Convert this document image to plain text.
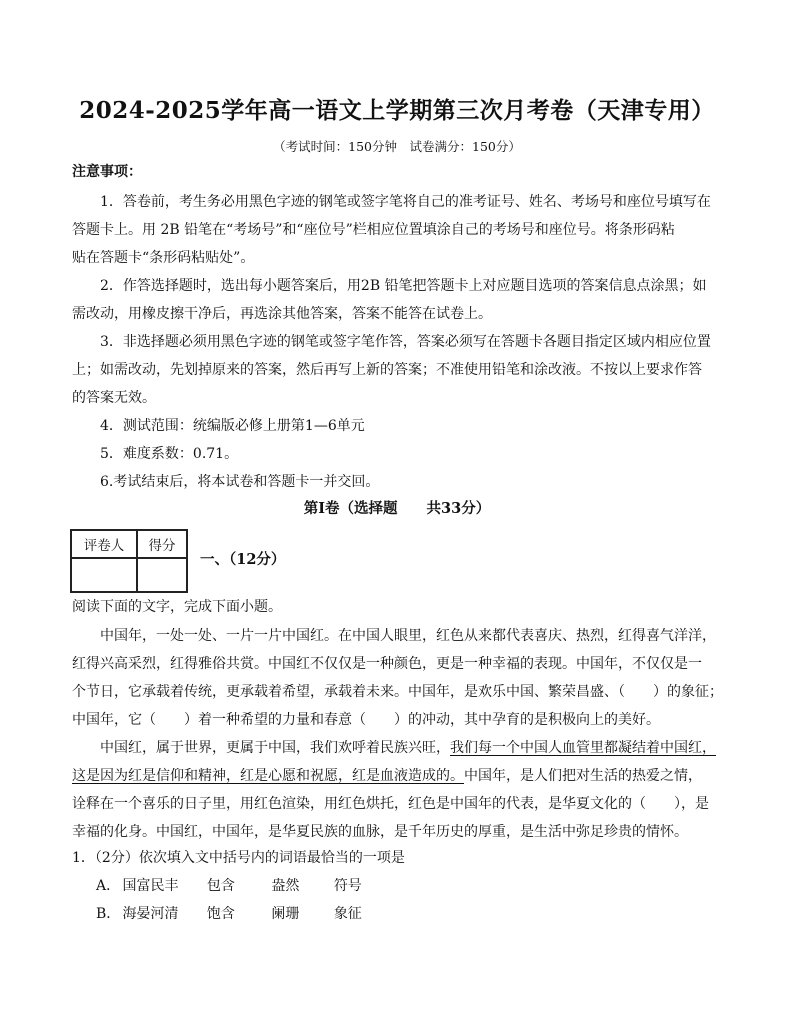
2024-2025学年高一语文上学期第三次月考卷（天津专用）
（考试时间：150分钟　试卷满分：150分）
注意事项：
1．答卷前，考生务必用黑色字迹的钢笔或签字笔将自己的准考证号、姓名、考场号和座位号填写在
答题卡上。用 2B 铅笔在“考场号”和“座位号”栏相应位置填涂自己的考场号和座位号。将条形码粘
贴在答题卡“条形码粘贴处”。
2．作答选择题时，选出每小题答案后，用2B 铅笔把答题卡上对应题目选项的答案信息点涂黑；如
需改动，用橡皮擦干净后，再选涂其他答案，答案不能答在试卷上。
3．非选择题必须用黑色字迹的钢笔或签字笔作答，答案必须写在答题卡各题目指定区域内相应位置
上；如需改动，先划掉原来的答案，然后再写上新的答案；不准使用铅笔和涂改液。不按以上要求作答
的答案无效。
4．测试范围：统编版必修上册第1—6单元
5．难度系数：0.71。
6.考试结束后，将本试卷和答题卡一并交回。
第Ⅰ卷（选择题　　共33分）
评卷人	得分

一、（12分）
阅读下面的文字，完成下面小题。
中国年，一处一处、一片一片中国红。在中国人眼里，红色从来都代表喜庆、热烈，红得喜气洋洋，
红得兴高采烈，红得雅俗共赏。中国红不仅仅是一种颜色，更是一种幸福的表现。中国年，不仅仅是一
个节日，它承载着传统，更承载着希望，承载着未来。中国年，是欢乐中国、繁荣昌盛、（　　）的象征；
中国年，它（　　）着一种希望的力量和春意（　　）的冲动，其中孕育的是积极向上的美好。
中国红，属于世界，更属于中国，我们欢呼着民族兴旺，我们每一个中国人血管里都凝结着中国红，
这是因为红是信仰和精神，红是心愿和祝愿，红是血液造成的。中国年，是人们把对生活的热爱之情，
诠释在一个喜乐的日子里，用红色渲染，用红色烘托，红色是中国年的代表，是华夏文化的（　　），是
幸福的化身。中国红，中国年，是华夏民族的血脉，是千年历史的厚重，是生活中弥足珍贵的情怀。
1．（2分）依次填入文中括号内的词语最恰当的一项是
A． 国富民丰 包含	盎然 符号
B． 海晏河清 饱含	阑珊 象征
